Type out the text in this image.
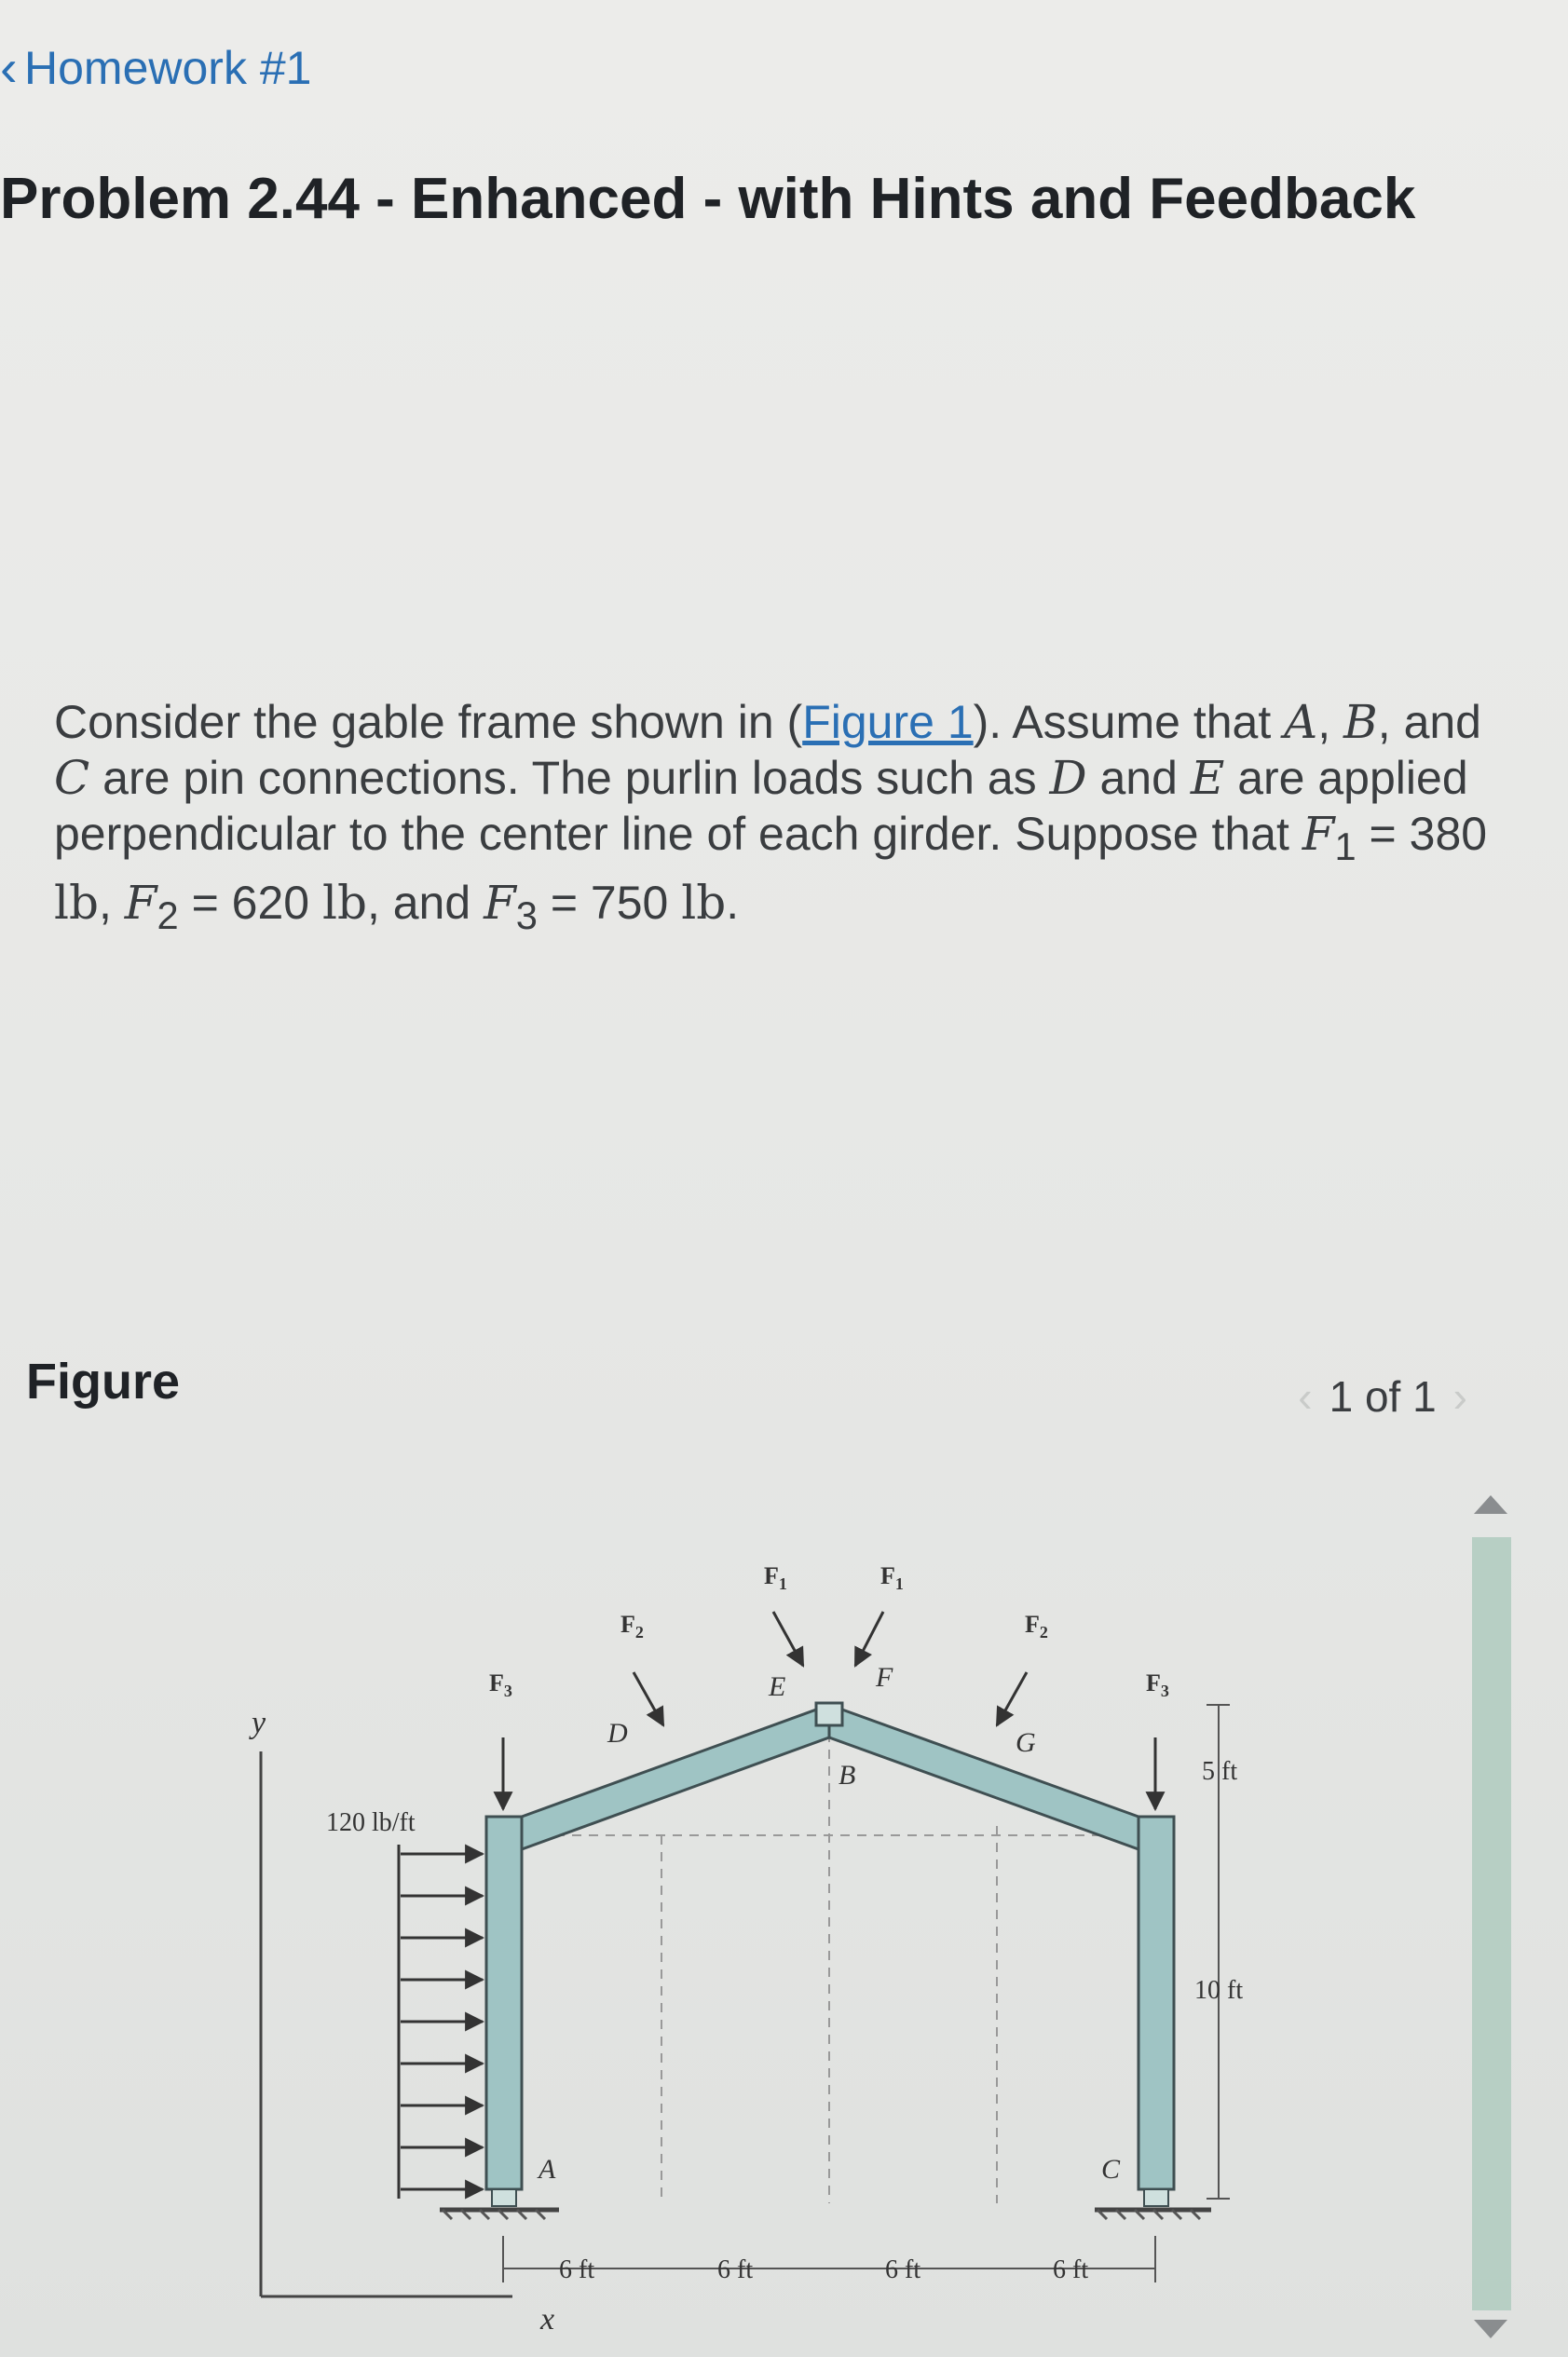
‹ Homework #1
Problem 2.44 - Enhanced - with Hints and Feedback
Consider the gable frame shown in (Figure 1). Assume that A, B, and C are pin connections. The purlin loads such as D and E are applied perpendicular to the center line of each girder. Suppose that $F_1 = 380$ lb, $F_2 = 620$ lb, and $F_3 = 750$ lb.
Figure	‹ 1 of 1 ›
y
x
B
A	C
120 lb/ft
$F_3$
$F_2$
D
$F_1$
E
$F_1$
F
$F_2$
G
$F_3$
5 ft
10 ft
6 ft	6 ft	6 ft	6 ft
